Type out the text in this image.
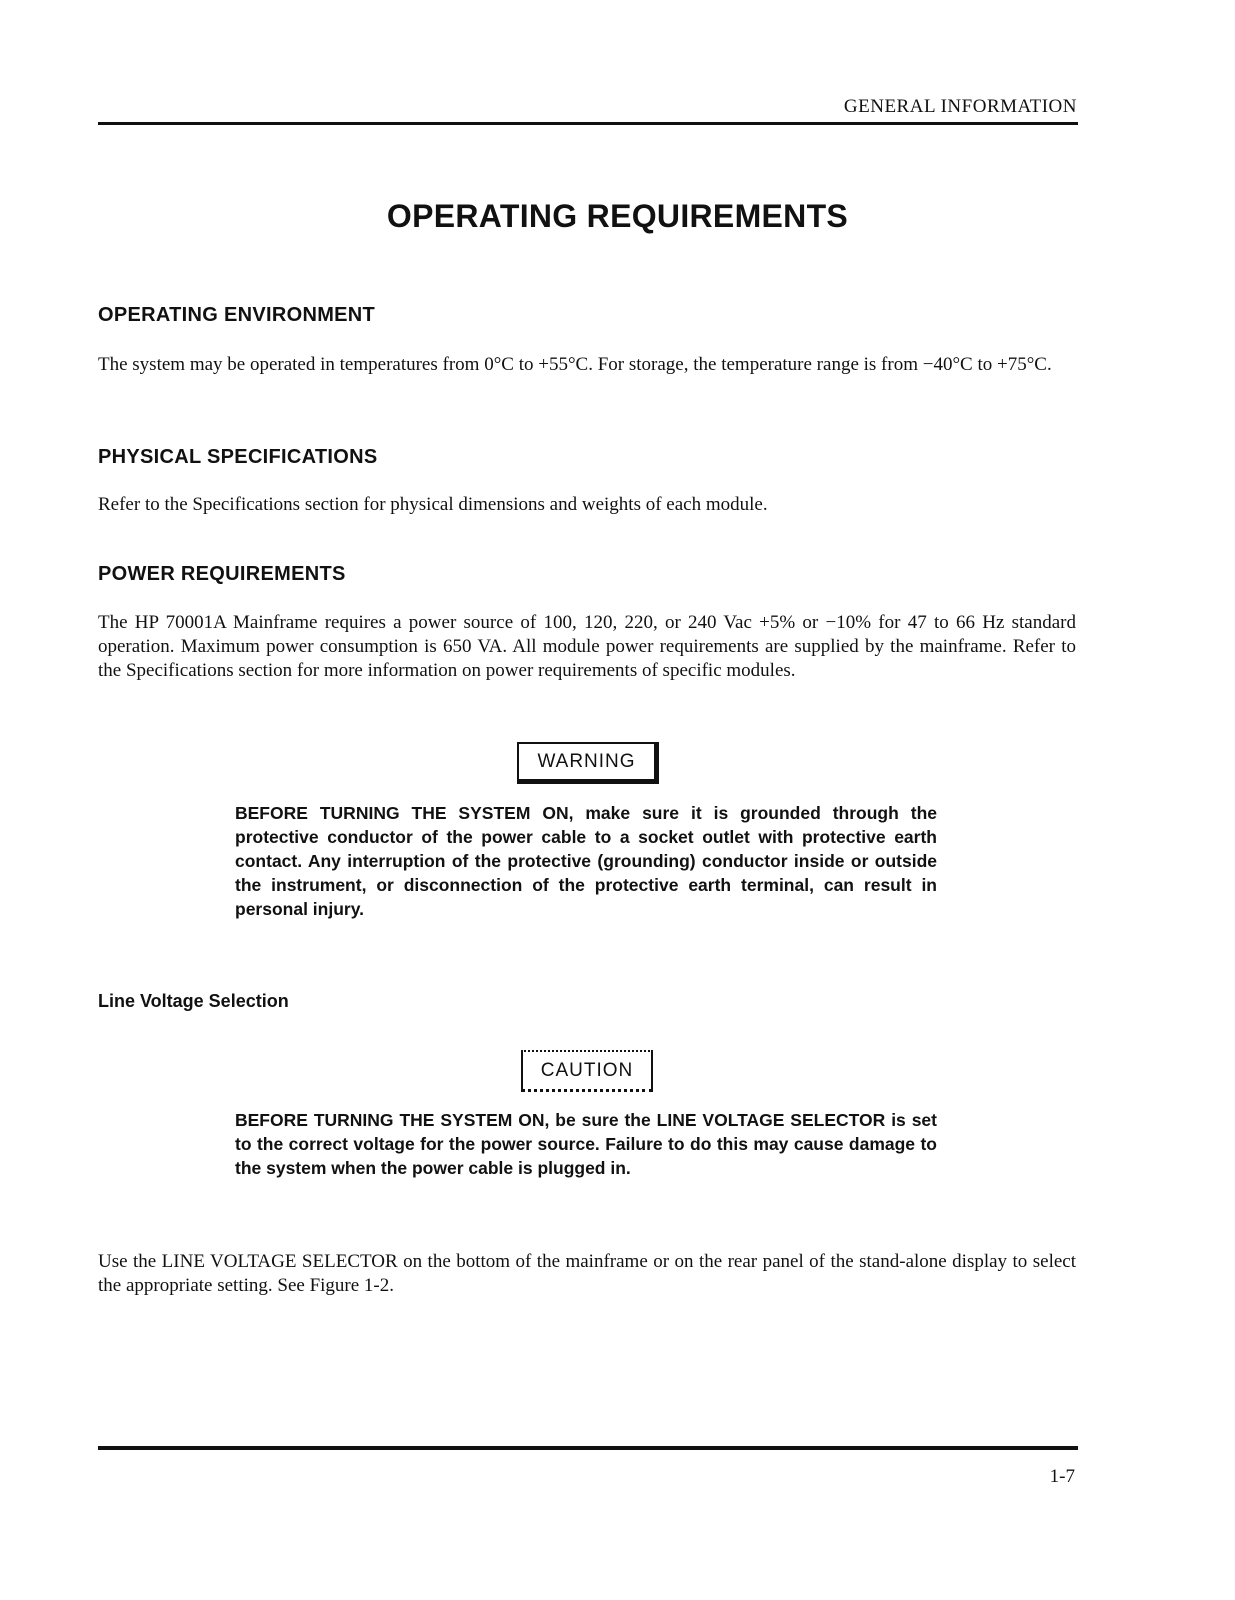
GENERAL INFORMATION
OPERATING REQUIREMENTS
OPERATING ENVIRONMENT

The system may be operated in temperatures from 0°C to +55°C. For storage, the temperature range is from −40°C to +75°C.

PHYSICAL SPECIFICATIONS

Refer to the Specifications section for physical dimensions and weights of each module.

POWER REQUIREMENTS

The HP 70001A Mainframe requires a power source of 100, 120, 220, or 240 Vac +5% or −10% for 47 to 66 Hz standard operation. Maximum power consumption is 650 VA. All module power requirements are supplied by the mainframe. Refer to the Specifications section for more information on power requirements of specific modules.

WARNING

BEFORE TURNING THE SYSTEM ON, make sure it is grounded through the protective conductor of the power cable to a socket outlet with protective earth contact. Any interruption of the protective (grounding) conductor inside or outside the instrument, or disconnection of the protective earth terminal, can result in personal injury.

Line Voltage Selection
CAUTION

BEFORE TURNING THE SYSTEM ON, be sure the LINE VOLTAGE SELECTOR is set to the correct voltage for the power source. Failure to do this may cause damage to the system when the power cable is plugged in.

Use the LINE VOLTAGE SELECTOR on the bottom of the mainframe or on the rear panel of the stand-alone display to select the appropriate setting. See Figure 1-2.

1-7
